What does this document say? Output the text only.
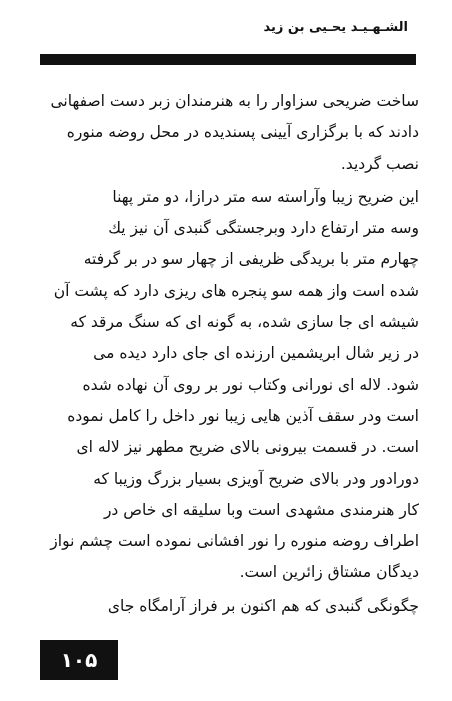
الشـهـيـد يحـيى بن زيد

ساخت ضریحی سزاوار را به هنرمندان زبر دست اصفهانی
دادند که با برگزاری آیینی پسندیده در محل روضه منوره
نصب گردید.

این ضریح زیبا وآراسته سه متر درازا، دو متر پهنا
وسه متر ارتفاع دارد وبرجستگی گنبدی آن نیز یك
چهارم متر با بریدگی ظریفی از چهار سو در بر گرفته
شده است واز همه سو پنجره های ریزی دارد که پشت آن
شیشه ای جا سازی شده، به گونه ای که سنگ مرقد که
در زیر شال ابریشمین ارزنده ای جای دارد دیده می
شود. لاله ای نورانی وکتاب نور بر روی آن نهاده شده
است ودر سقف آذین هایی زیبا نور داخل را کامل نموده
است. در قسمت بیرونی بالای ضریح مطهر نیز لاله ای
دورادور ودر بالای ضریح آویزی بسیار بزرگ وزیبا که
کار هنرمندی مشهدی است وبا سلیقه ای خاص در
اطراف روضه منوره را نور افشانی نموده است چشم نواز
دیدگان مشتاق زائرین است.

چگونگی گنبدی که هم اکنون بر فراز آرامگاه جای

۱۰۵
